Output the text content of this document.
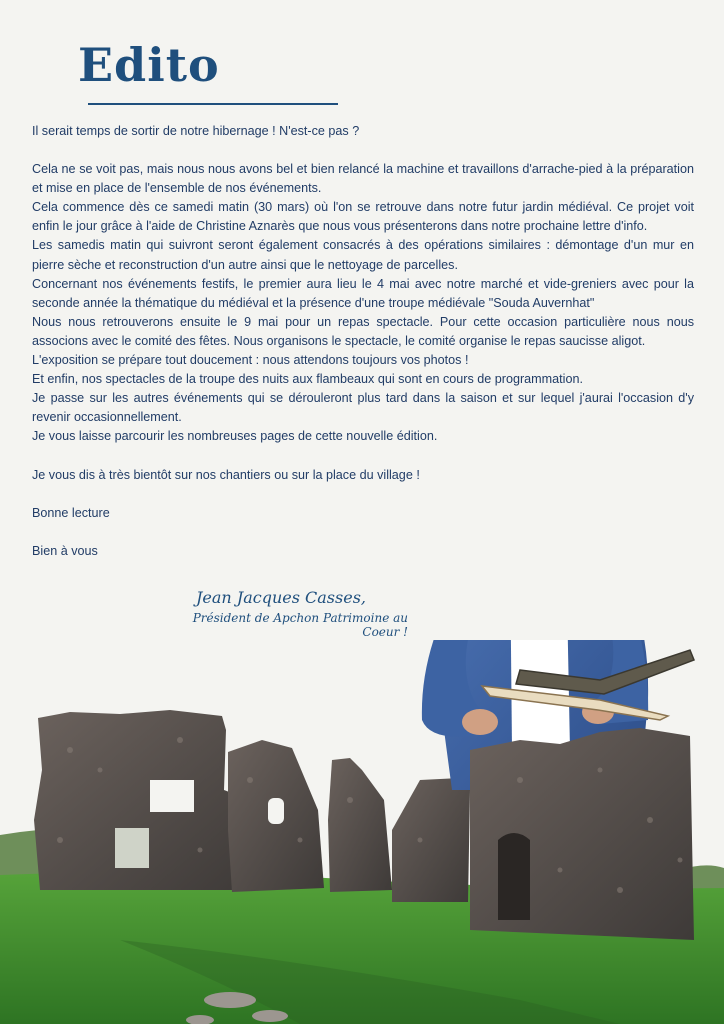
Edito

Il serait temps de sortir de notre hibernage ! N'est-ce pas ?

Cela ne se voit pas, mais nous nous avons bel et bien relancé la machine et travaillons d'arrache-pied à la préparation et mise en place de l'ensemble de nos événements.

Cela commence dès ce samedi matin (30 mars) où l'on se retrouve dans notre futur jardin médiéval. Ce projet voit enfin le jour grâce à l'aide de Christine Aznarès que nous vous présenterons dans notre prochaine lettre d'info.

Les samedis matin qui suivront seront également consacrés à des opérations similaires : démontage d'un mur en pierre sèche et reconstruction d'un autre ainsi que le nettoyage de parcelles.

Concernant nos événements festifs, le premier aura lieu le 4 mai avec notre marché et vide-greniers avec pour la seconde année la thématique du médiéval et la présence d'une troupe médiévale "Souda Auvernhat"

Nous nous retrouverons ensuite le 9 mai pour un repas spectacle. Pour cette occasion particulière nous nous associons avec le comité des fêtes. Nous organisons le spectacle, le comité organise le repas saucisse aligot.

L'exposition se prépare tout doucement : nous attendons toujours vos photos !

Et enfin, nos spectacles de la troupe des nuits aux flambeaux qui sont en cours de programmation.

Je passe sur les autres événements qui se dérouleront plus tard dans la saison et sur lequel j'aurai l'occasion d'y revenir occasionnellement.

Je vous laisse parcourir les nombreuses pages de cette nouvelle édition.

Je vous dis à très bientôt sur nos chantiers ou sur la place du village !

Bonne lecture

Bien à vous

Jean Jacques Casses,
Président de Apchon Patrimoine au Coeur !
